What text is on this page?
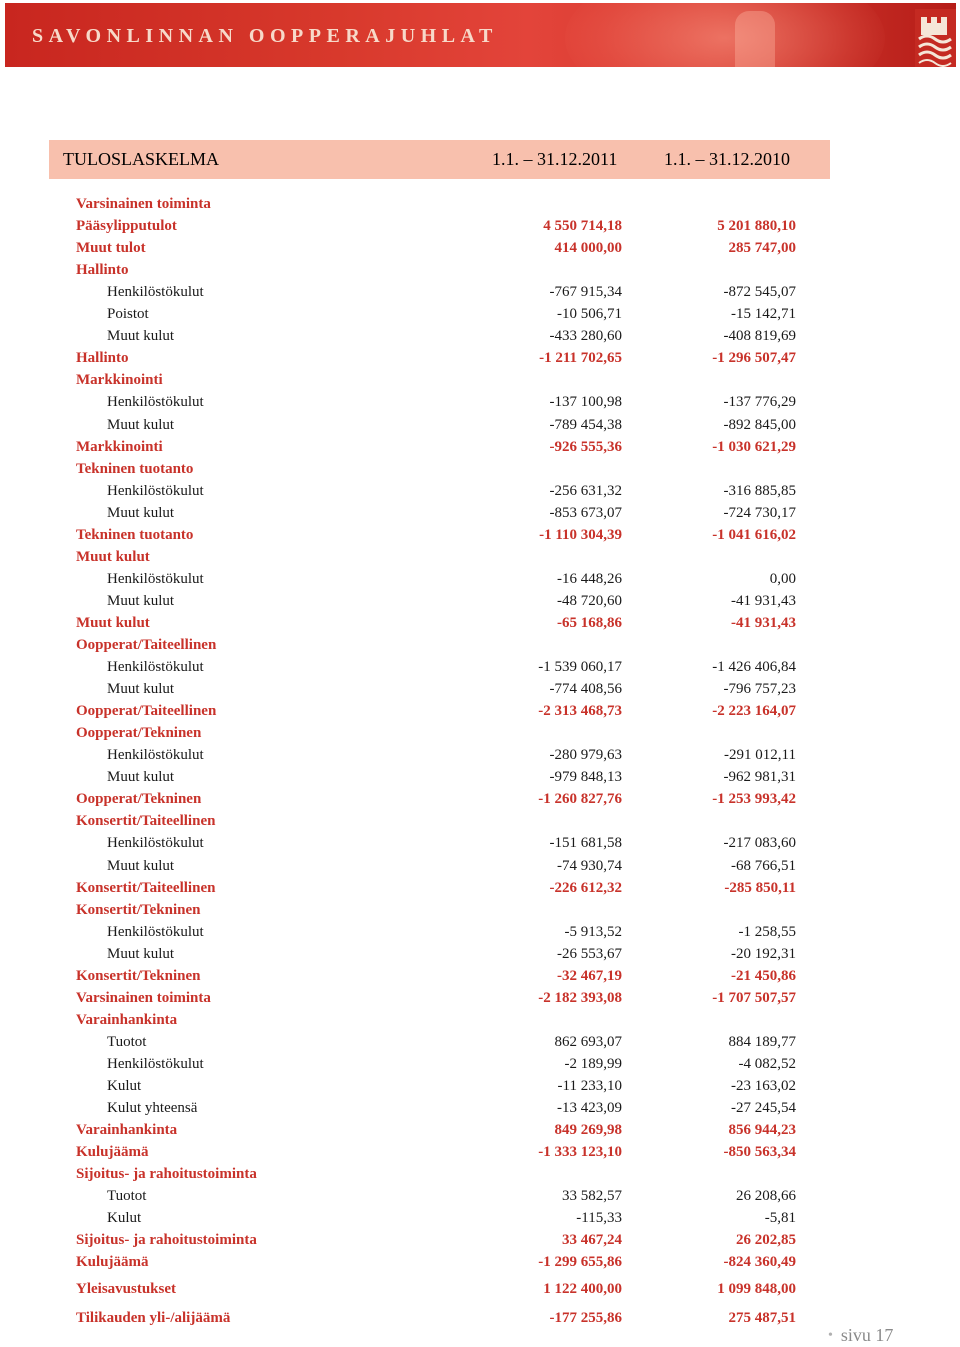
SAVONLINNAN OOPPERAJUHLAT
TULOSLASKELMA	1.1. – 31.12.2011	1.1. – 31.12.2010
Varsinainen toiminta
Pääsylipputulot	4 550 714,18	5 201 880,10
Muut tulot	414 000,00	285 747,00
Hallinto
Henkilöstökulut	-767 915,34	-872 545,07
Poistot	-10 506,71	-15 142,71
Muut kulut	-433 280,60	-408 819,69
Hallinto	-1 211 702,65	-1 296 507,47
Markkinointi
Henkilöstökulut	-137 100,98	-137 776,29
Muut kulut	-789 454,38	-892 845,00
Markkinointi	-926 555,36	-1 030 621,29
Tekninen tuotanto
Henkilöstökulut	-256 631,32	-316 885,85
Muut kulut	-853 673,07	-724 730,17
Tekninen tuotanto	-1 110 304,39	-1 041 616,02
Muut kulut
Henkilöstökulut	-16 448,26	0,00
Muut kulut	-48 720,60	-41 931,43
Muut kulut	-65 168,86	-41 931,43
Oopperat/Taiteellinen
Henkilöstökulut	-1 539 060,17	-1 426 406,84
Muut kulut	-774 408,56	-796 757,23
Oopperat/Taiteellinen	-2 313 468,73	-2 223 164,07
Oopperat/Tekninen
Henkilöstökulut	-280 979,63	-291 012,11
Muut kulut	-979 848,13	-962 981,31
Oopperat/Tekninen	-1 260 827,76	-1 253 993,42
Konsertit/Taiteellinen
Henkilöstökulut	-151 681,58	-217 083,60
Muut kulut	-74 930,74	-68 766,51
Konsertit/Taiteellinen	-226 612,32	-285 850,11
Konsertit/Tekninen
Henkilöstökulut	-5 913,52	-1 258,55
Muut kulut	-26 553,67	-20 192,31
Konsertit/Tekninen	-32 467,19	-21 450,86
Varsinainen toiminta	-2 182 393,08	-1 707 507,57
Varainhankinta
Tuotot	862 693,07	884 189,77
Henkilöstökulut	-2 189,99	-4 082,52
Kulut	-11 233,10	-23 163,02
Kulut yhteensä	-13 423,09	-27 245,54
Varainhankinta	849 269,98	856 944,23
Kulujäämä	-1 333 123,10	-850 563,34
Sijoitus- ja rahoitustoiminta
Tuotot	33 582,57	26 208,66
Kulut	-115,33	-5,81
Sijoitus- ja rahoitustoiminta	33 467,24	26 202,85
Kulujäämä	-1 299 655,86	-824 360,49
Yleisavustukset	1 122 400,00	1 099 848,00
Tilikauden yli-/alijäämä	-177 255,86	275 487,51
• sivu 17
